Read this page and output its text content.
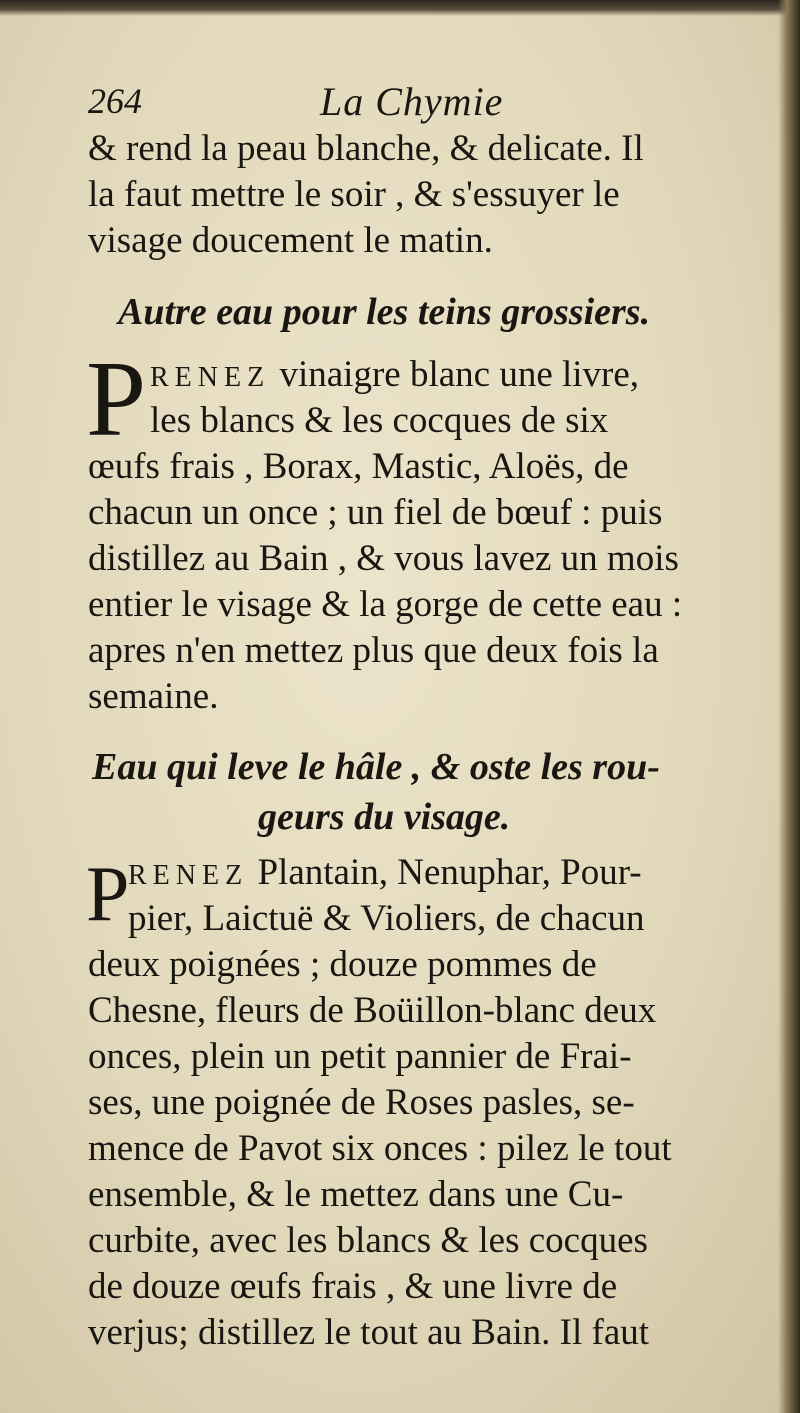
264	La Chymie
& rend la peau blanche, & delicate. Il
la faut mettre le soir , & s'essuyer le
visage doucement le matin.
Autre eau pour les teins grossiers.
P RENEZ vinaigre blanc une livre,
les blancs & les cocques de six
œufs frais , Borax, Mastic, Aloës, de
chacun un once ; un fiel de bœuf : puis
distillez au Bain , & vous lavez un mois
entier le visage & la gorge de cette eau :
apres n'en mettez plus que deux fois la
semaine.
Eau qui leve le hâle , & oste les rou-
geurs du visage.
P
RENEZ Plantain, Nenuphar, Pour-
pier, Laictuë & Violiers, de chacun
deux poignées ; douze pommes de
Chesne, fleurs de Boüillon-blanc deux
onces, plein un petit pannier de Frai-
ses, une poignée de Roses pasles, se-
mence de Pavot six onces : pilez le tout
ensemble, & le mettez dans une Cu-
curbite, avec les blancs & les cocques
de douze œufs frais , & une livre de
verjus; distillez le tout au Bain. Il faut
